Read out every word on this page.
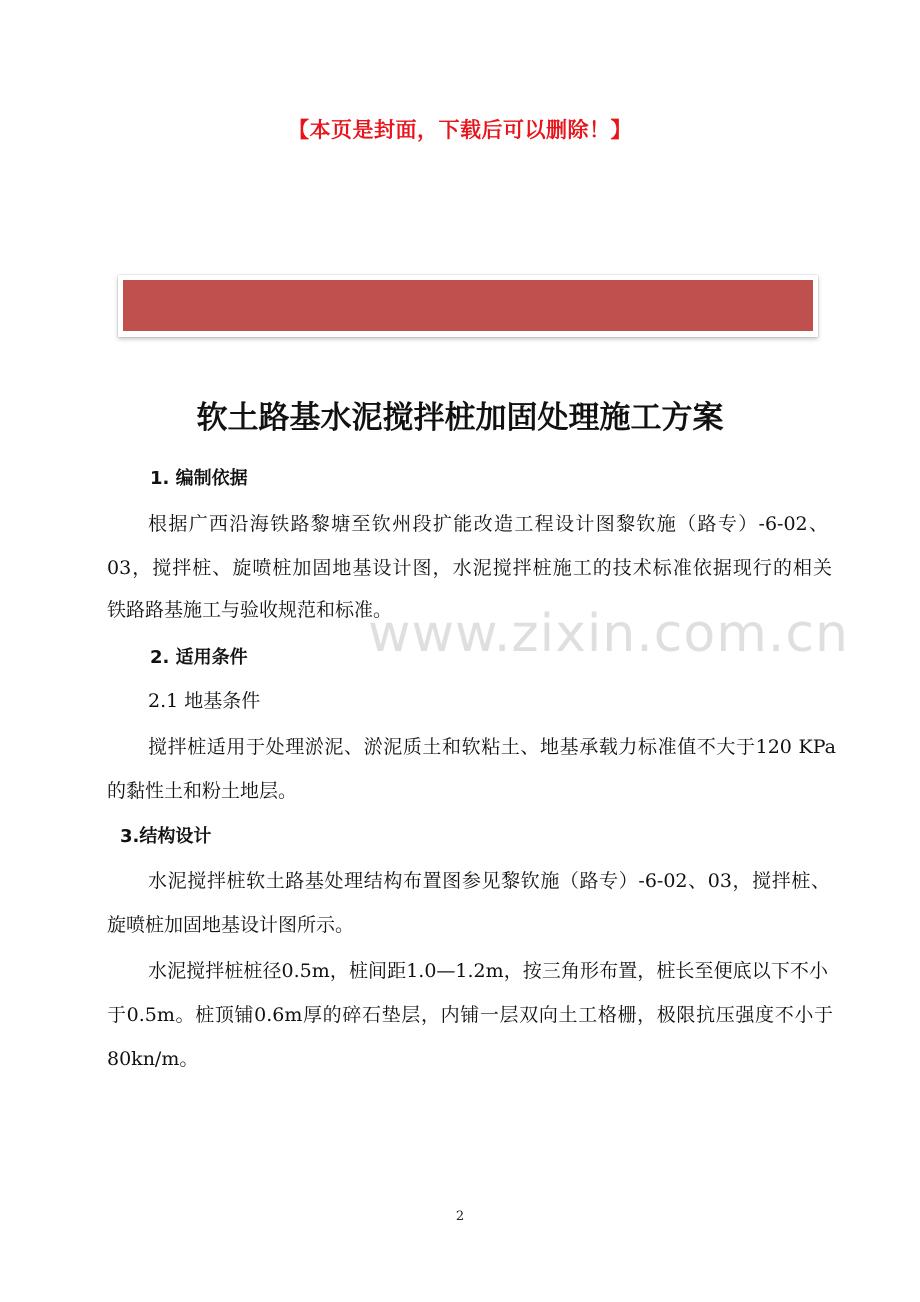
【本页是封面，下载后可以删除！】
软土路基水泥搅拌桩加固处理施工方案
1. 编制依据
根据广西沿海铁路黎塘至钦州段扩能改造工程设计图黎钦施（路专）-6-02、
03，搅拌桩、旋喷桩加固地基设计图，水泥搅拌桩施工的技术标准依据现行的相关
铁路路基施工与验收规范和标准。
2. 适用条件
2.1 地基条件
搅拌桩适用于处理淤泥、淤泥质土和软粘土、地基承载力标准值不大于120 KPa
的黏性土和粉土地层。
3.结构设计
水泥搅拌桩软土路基处理结构布置图参见黎钦施（路专）-6-02、03，搅拌桩、
旋喷桩加固地基设计图所示。
水泥搅拌桩桩径0.5m，桩间距1.0—1.2m，按三角形布置，桩长至便底以下不小
于0.5m。桩顶铺0.6m厚的碎石垫层，内铺一层双向土工格栅，极限抗压强度不小于
80kn/m。
www.zixin.com.cn
2
